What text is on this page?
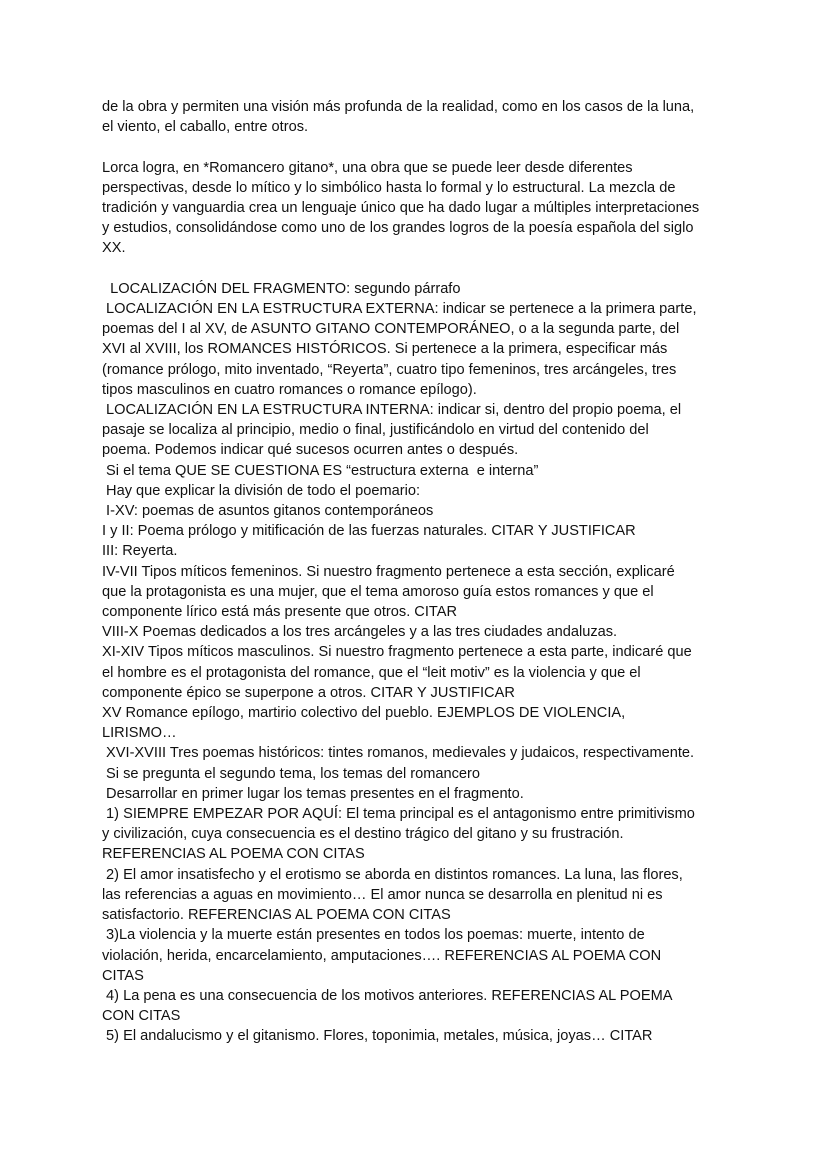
de la obra y permiten una visión más profunda de la realidad, como en los casos de la luna,

el viento, el caballo, entre otros.

Lorca logra, en *Romancero gitano*, una obra que se puede leer desde diferentes

perspectivas, desde lo mítico y lo simbólico hasta lo formal y lo estructural. La mezcla de

tradición y vanguardia crea un lenguaje único que ha dado lugar a múltiples interpretaciones

y estudios, consolidándose como uno de los grandes logros de la poesía española del siglo

XX.

LOCALIZACIÓN DEL FRAGMENTO: segundo párrafo

LOCALIZACIÓN EN LA ESTRUCTURA EXTERNA: indicar se pertenece a la primera parte,

poemas del I al XV, de ASUNTO GITANO CONTEMPORÁNEO, o a la segunda parte, del

XVI al XVIII, los ROMANCES HISTÓRICOS. Si pertenece a la primera, especificar más

(romance prólogo, mito inventado, “Reyerta”, cuatro tipo femeninos, tres arcángeles, tres

tipos masculinos en cuatro romances o romance epílogo).

LOCALIZACIÓN EN LA ESTRUCTURA INTERNA: indicar si, dentro del propio poema, el

pasaje se localiza al principio, medio o final, justificándolo en virtud del contenido del

poema. Podemos indicar qué sucesos ocurren antes o después.

Si el tema QUE SE CUESTIONA ES “estructura externa  e interna”

Hay que explicar la división de todo el poemario:

I-XV: poemas de asuntos gitanos contemporáneos

I y II: Poema prólogo y mitificación de las fuerzas naturales. CITAR Y JUSTIFICAR

III: Reyerta.

IV-VII Tipos míticos femeninos. Si nuestro fragmento pertenece a esta sección, explicaré

que la protagonista es una mujer, que el tema amoroso guía estos romances y que el

componente lírico está más presente que otros. CITAR

VIII-X Poemas dedicados a los tres arcángeles y a las tres ciudades andaluzas.

XI-XIV Tipos míticos masculinos. Si nuestro fragmento pertenece a esta parte, indicaré que

el hombre es el protagonista del romance, que el “leit motiv” es la violencia y que el

componente épico se superpone a otros. CITAR Y JUSTIFICAR

XV Romance epílogo, martirio colectivo del pueblo. EJEMPLOS DE VIOLENCIA,

LIRISMO…

XVI-XVIII Tres poemas históricos: tintes romanos, medievales y judaicos, respectivamente.

Si se pregunta el segundo tema, los temas del romancero

Desarrollar en primer lugar los temas presentes en el fragmento.

1) SIEMPRE EMPEZAR POR AQUÍ: El tema principal es el antagonismo entre primitivismo

y civilización, cuya consecuencia es el destino trágico del gitano y su frustración.

REFERENCIAS AL POEMA CON CITAS

2) El amor insatisfecho y el erotismo se aborda en distintos romances. La luna, las flores,

las referencias a aguas en movimiento… El amor nunca se desarrolla en plenitud ni es

satisfactorio. REFERENCIAS AL POEMA CON CITAS

3)La violencia y la muerte están presentes en todos los poemas: muerte, intento de

violación, herida, encarcelamiento, amputaciones…. REFERENCIAS AL POEMA CON

CITAS

4) La pena es una consecuencia de los motivos anteriores. REFERENCIAS AL POEMA

CON CITAS

5) El andalucismo y el gitanismo. Flores, toponimia, metales, música, joyas… CITAR
